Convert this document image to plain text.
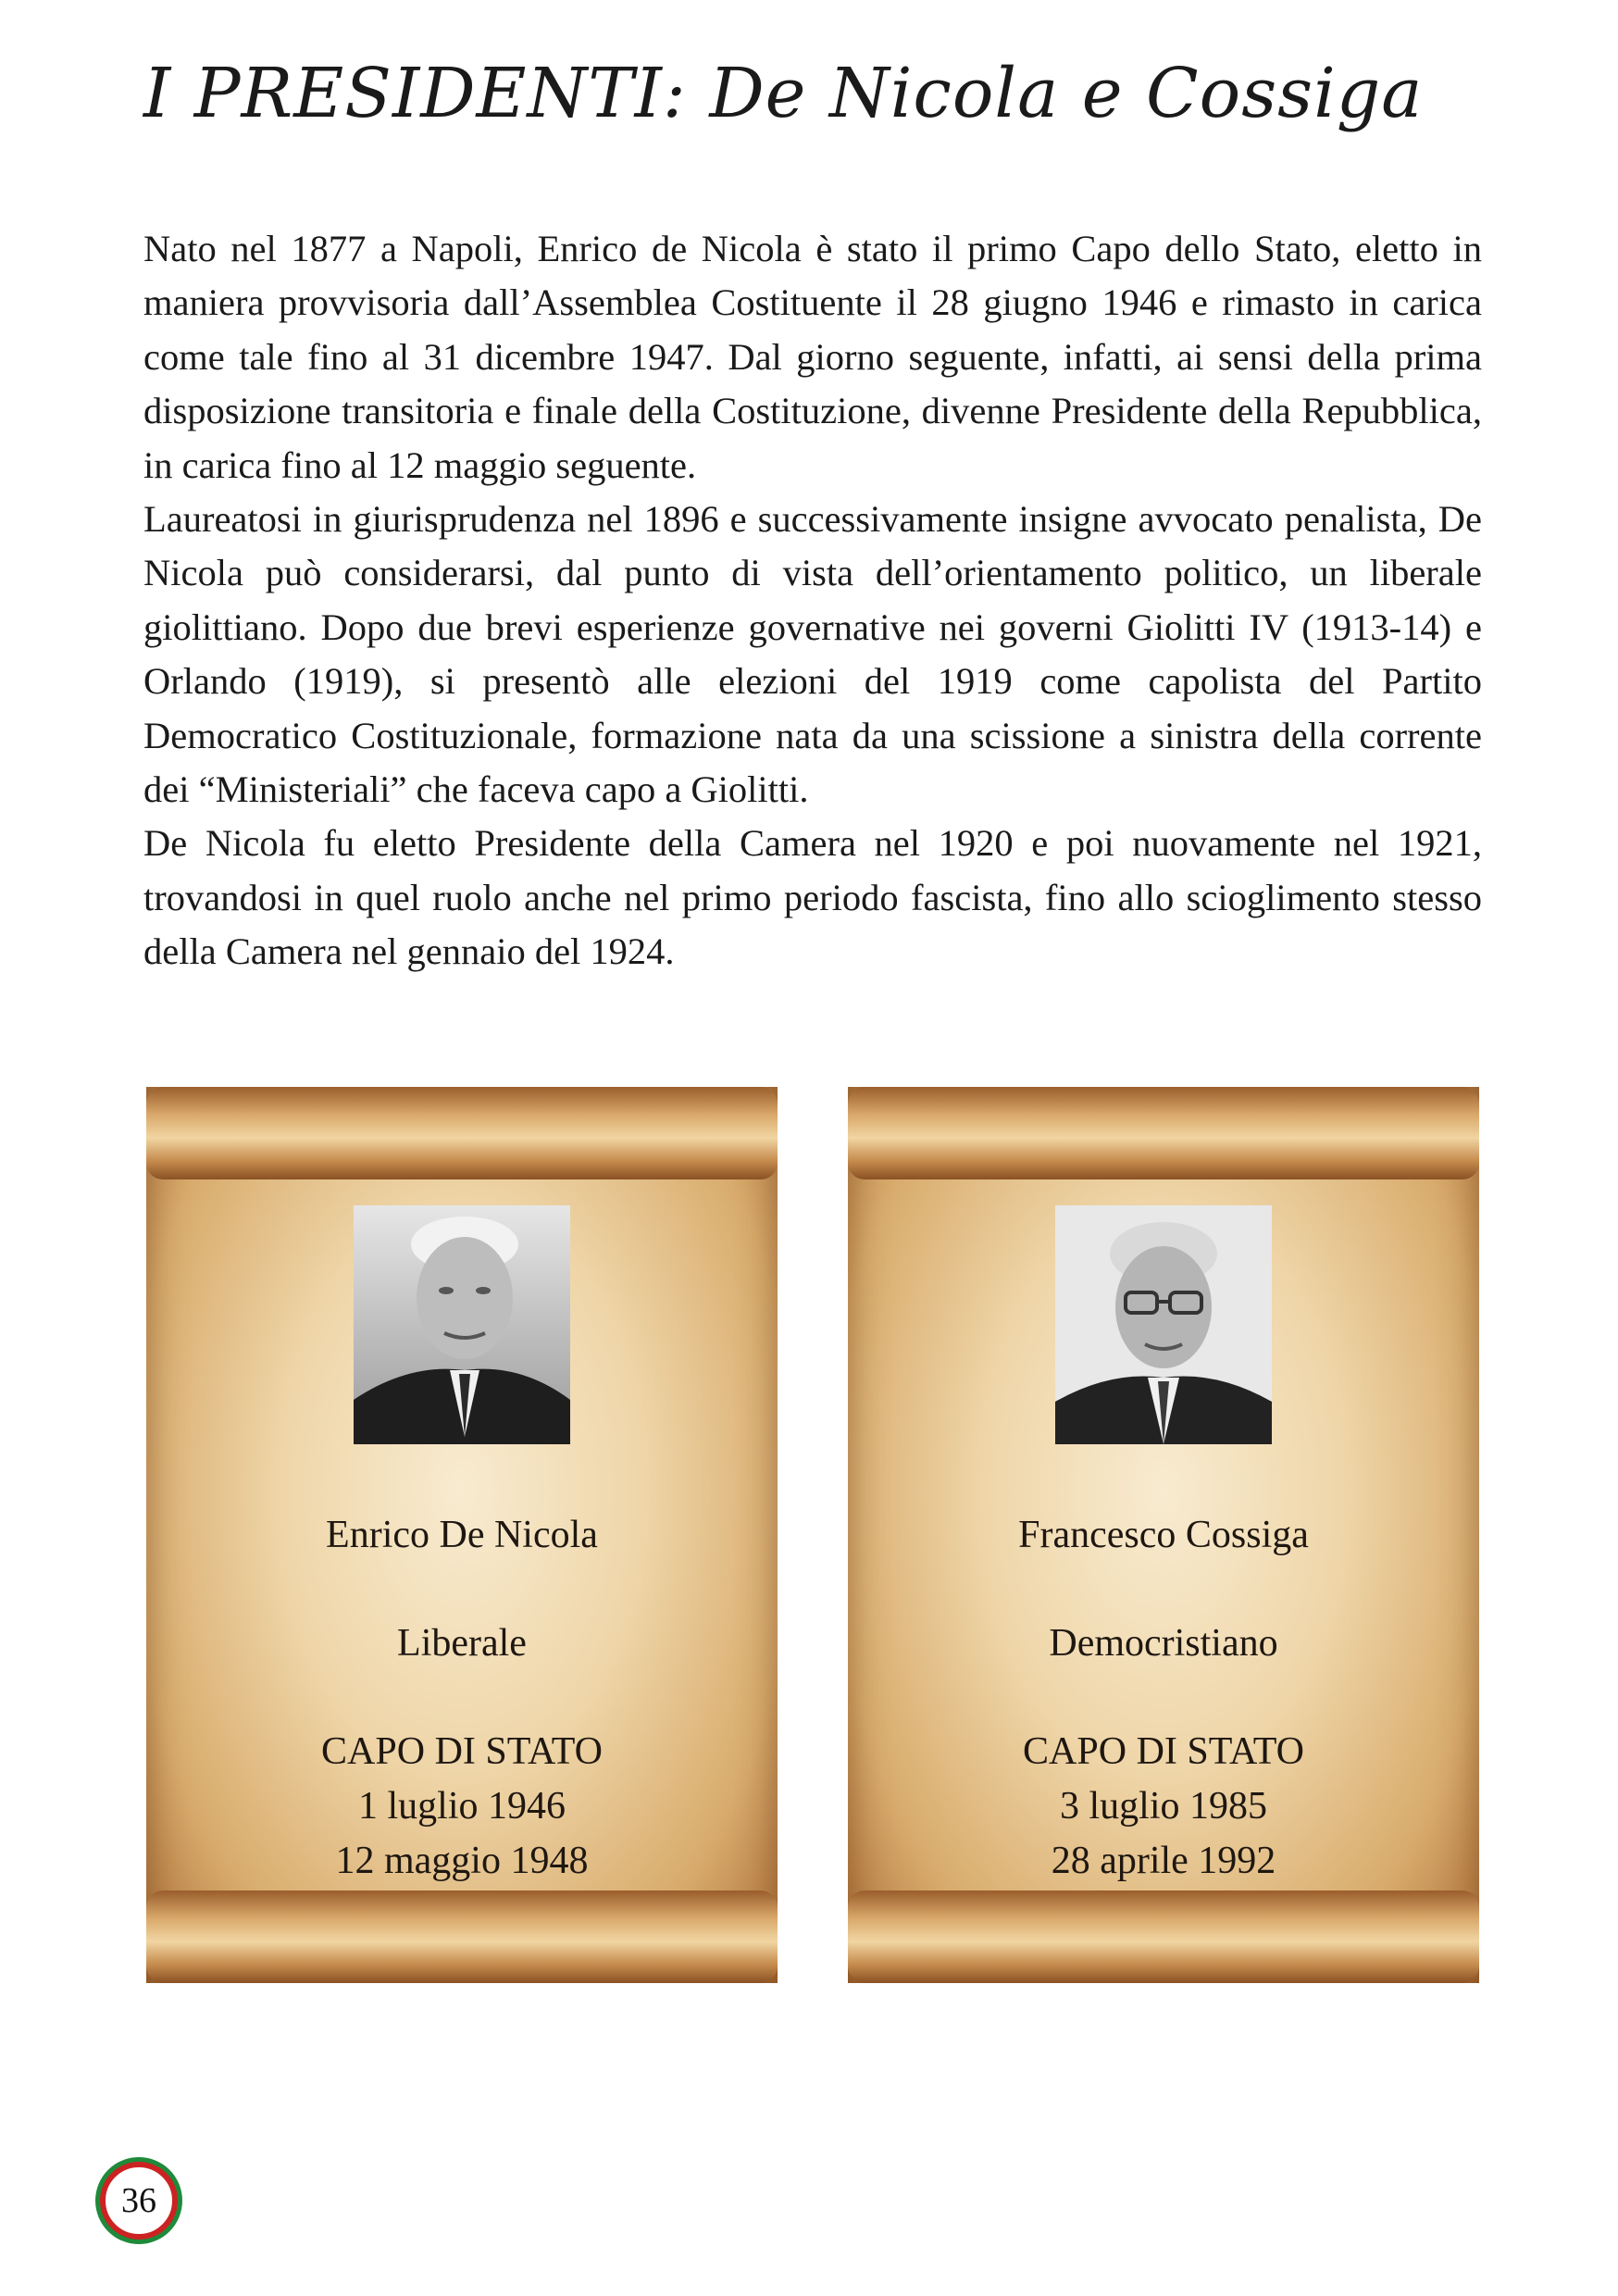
I PRESIDENTI: De Nicola e Cossiga

Nato nel 1877 a Napoli, Enrico de Nicola è stato il primo Capo dello Stato, eletto in maniera provvisoria dall’Assemblea Costituente il 28 giugno 1946 e rimasto in carica come tale fino al 31 dicembre 1947. Dal giorno seguente, infatti, ai sensi della prima disposizione transitoria e finale della Costituzione, divenne Presidente della Repubblica, in carica fino al 12 maggio seguente.

Laureatosi in giurisprudenza nel 1896 e successivamente insigne avvocato penalista, De Nicola può considerarsi, dal punto di vista dell’orientamento politico, un liberale giolittiano. Dopo due brevi esperienze governative nei governi Giolitti IV (1913-14) e Orlando (1919), si presentò alle elezioni del 1919 come capolista del Partito Democratico Costituzionale, formazione nata da una scissione a sinistra della corrente dei “Ministeriali” che faceva capo a Giolitti.

De Nicola fu eletto Presidente della Camera nel 1920 e poi nuovamente nel 1921, trovandosi in quel ruolo anche nel primo periodo fascista, fino allo scioglimento stesso della Camera nel gennaio del 1924.

Enrico De Nicola
Liberale
CAPO DI STATO
1 luglio 1946
12 maggio 1948
Francesco Cossiga
Democristiano
CAPO DI STATO
3 luglio 1985
28 aprile 1992
36
